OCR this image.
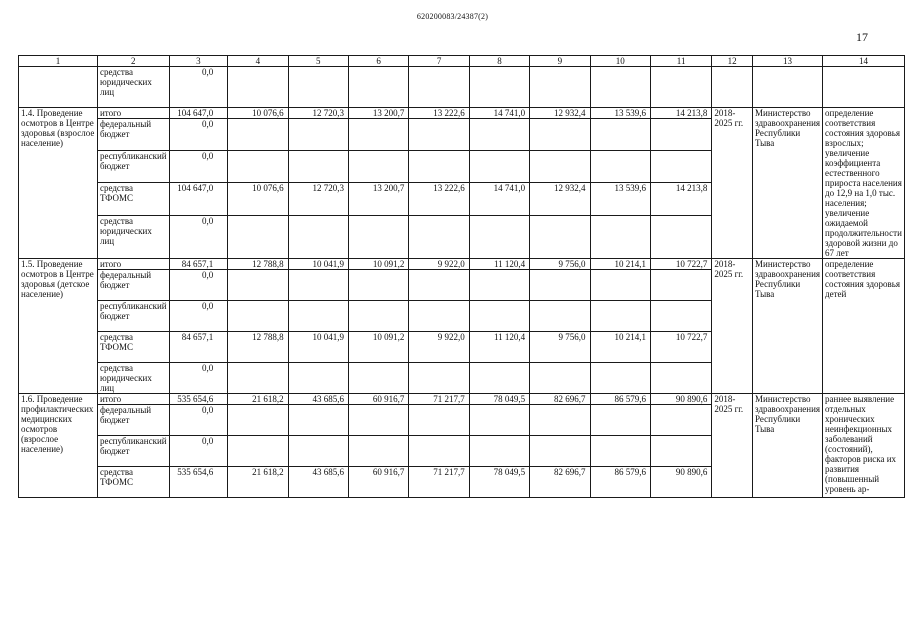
620200083/24387(2)
17
1	2	3	4	5	6	7	8	9	10	11	12	13	14
	средства юридических лиц	0,0											
1.4. Проведение осмотров в Центре здоровья (взрослое население)	итого	104 647,0	10 076,6	12 720,3	13 200,7	13 222,6	14 741,0	12 932,4	13 539,6	14 213,8	2018-2025 гг.	Министерство здравоохранения Республики Тыва	определение соответствия состояния здоровья взрослых; увеличение коэффициента естественного прироста населения до 12,9 на 1,0 тыс. населения; увеличение ожидаемой продолжительности здоровой жизни до 67 лет
	федеральный бюджет	0,0											
	республиканский бюджет	0,0											
	средства ТФОМС	104 647,0	10 076,6	12 720,3	13 200,7	13 222,6	14 741,0	12 932,4	13 539,6	14 213,8			
	средства юридических лиц	0,0											
1.5. Проведение осмотров в Центре здоровья (детское население)	итого	84 657,1	12 788,8	10 041,9	10 091,2	9 922,0	11 120,4	9 756,0	10 214,1	10 722,7	2018-2025 гг.	Министерство здравоохранения Республики Тыва	определение соответствия состояния здоровья детей
	федеральный бюджет	0,0											
	республиканский бюджет	0,0											
	средства ТФОМС	84 657,1	12 788,8	10 041,9	10 091,2	9 922,0	11 120,4	9 756,0	10 214,1	10 722,7			
	средства юридических лиц	0,0											
1.6. Проведение профилактических медицинских осмотров (взрослое население)	итого	535 654,6	21 618,2	43 685,6	60 916,7	71 217,7	78 049,5	82 696,7	86 579,6	90 890,6	2018-2025 гг.	Министерство здравоохранения Республики Тыва	раннее выявление отдельных хронических неинфекционных заболеваний (состояний), факторов риска их развития (повышенный уровень ар-
	федеральный бюджет	0,0											
	республиканский бюджет	0,0											
	средства ТФОМС	535 654,6	21 618,2	43 685,6	60 916,7	71 217,7	78 049,5	82 696,7	86 579,6	90 890,6			
